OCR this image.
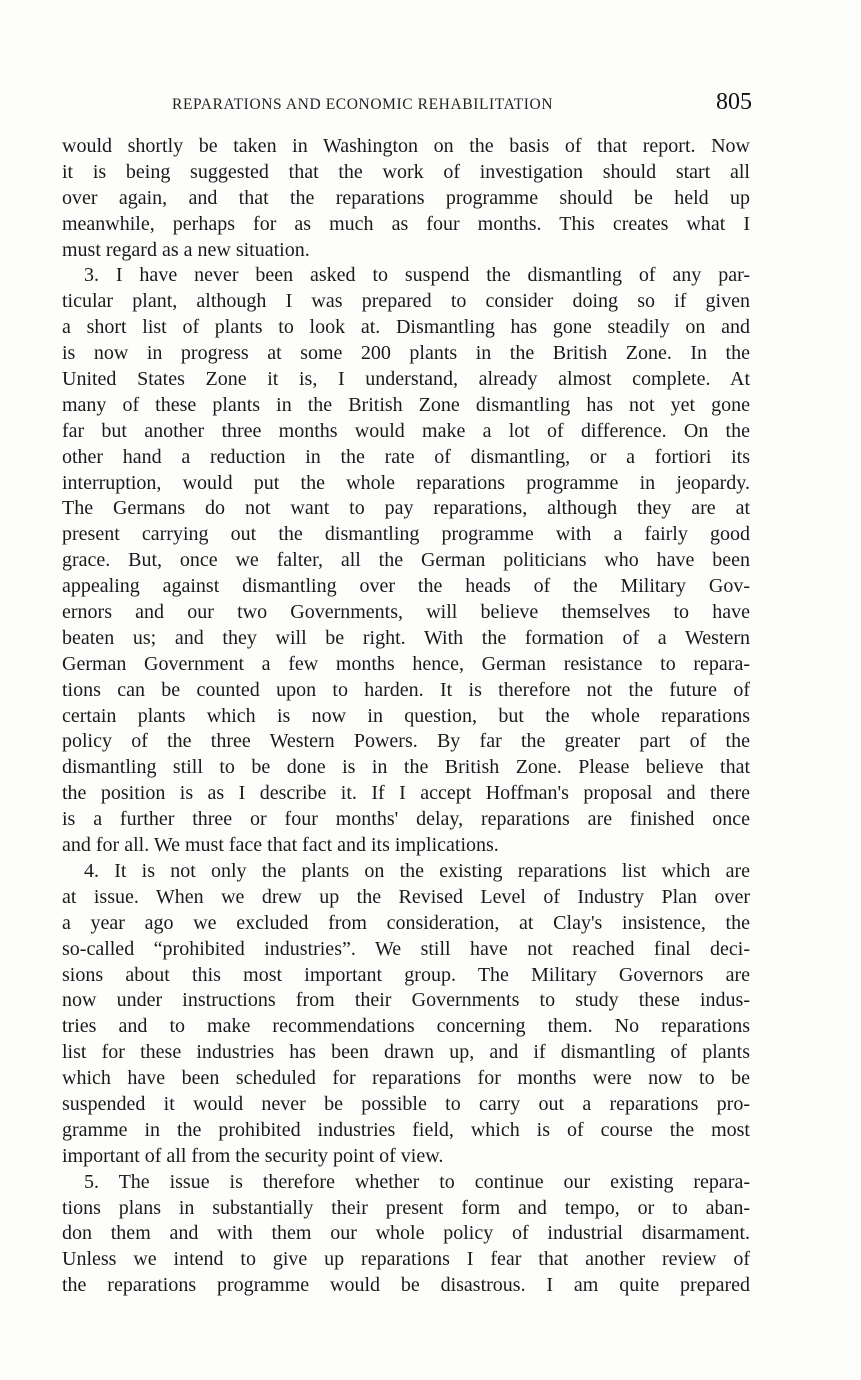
REPARATIONS AND ECONOMIC REHABILITATION	805
would shortly be taken in Washington on the basis of that report. Now
it is being suggested that the work of investigation should start all
over again, and that the reparations programme should be held up
meanwhile, perhaps for as much as four months. This creates what I
must regard as a new situation.
3. I have never been asked to suspend the dismantling of any par-
ticular plant, although I was prepared to consider doing so if given
a short list of plants to look at. Dismantling has gone steadily on and
is now in progress at some 200 plants in the British Zone. In the
United States Zone it is, I understand, already almost complete. At
many of these plants in the British Zone dismantling has not yet gone
far but another three months would make a lot of difference. On the
other hand a reduction in the rate of dismantling, or a fortiori its
interruption, would put the whole reparations programme in jeopardy.
The Germans do not want to pay reparations, although they are at
present carrying out the dismantling programme with a fairly good
grace. But, once we falter, all the German politicians who have been
appealing against dismantling over the heads of the Military Gov-
ernors and our two Governments, will believe themselves to have
beaten us; and they will be right. With the formation of a Western
German Government a few months hence, German resistance to repara-
tions can be counted upon to harden. It is therefore not the future of
certain plants which is now in question, but the whole reparations
policy of the three Western Powers. By far the greater part of the
dismantling still to be done is in the British Zone. Please believe that
the position is as I describe it. If I accept Hoffman's proposal and there
is a further three or four months' delay, reparations are finished once
and for all. We must face that fact and its implications.
4. It is not only the plants on the existing reparations list which are
at issue. When we drew up the Revised Level of Industry Plan over
a year ago we excluded from consideration, at Clay's insistence, the
so-called “prohibited industries”. We still have not reached final deci-
sions about this most important group. The Military Governors are
now under instructions from their Governments to study these indus-
tries and to make recommendations concerning them. No reparations
list for these industries has been drawn up, and if dismantling of plants
which have been scheduled for reparations for months were now to be
suspended it would never be possible to carry out a reparations pro-
gramme in the prohibited industries field, which is of course the most
important of all from the security point of view.
5. The issue is therefore whether to continue our existing repara-
tions plans in substantially their present form and tempo, or to aban-
don them and with them our whole policy of industrial disarmament.
Unless we intend to give up reparations I fear that another review of
the reparations programme would be disastrous. I am quite prepared
